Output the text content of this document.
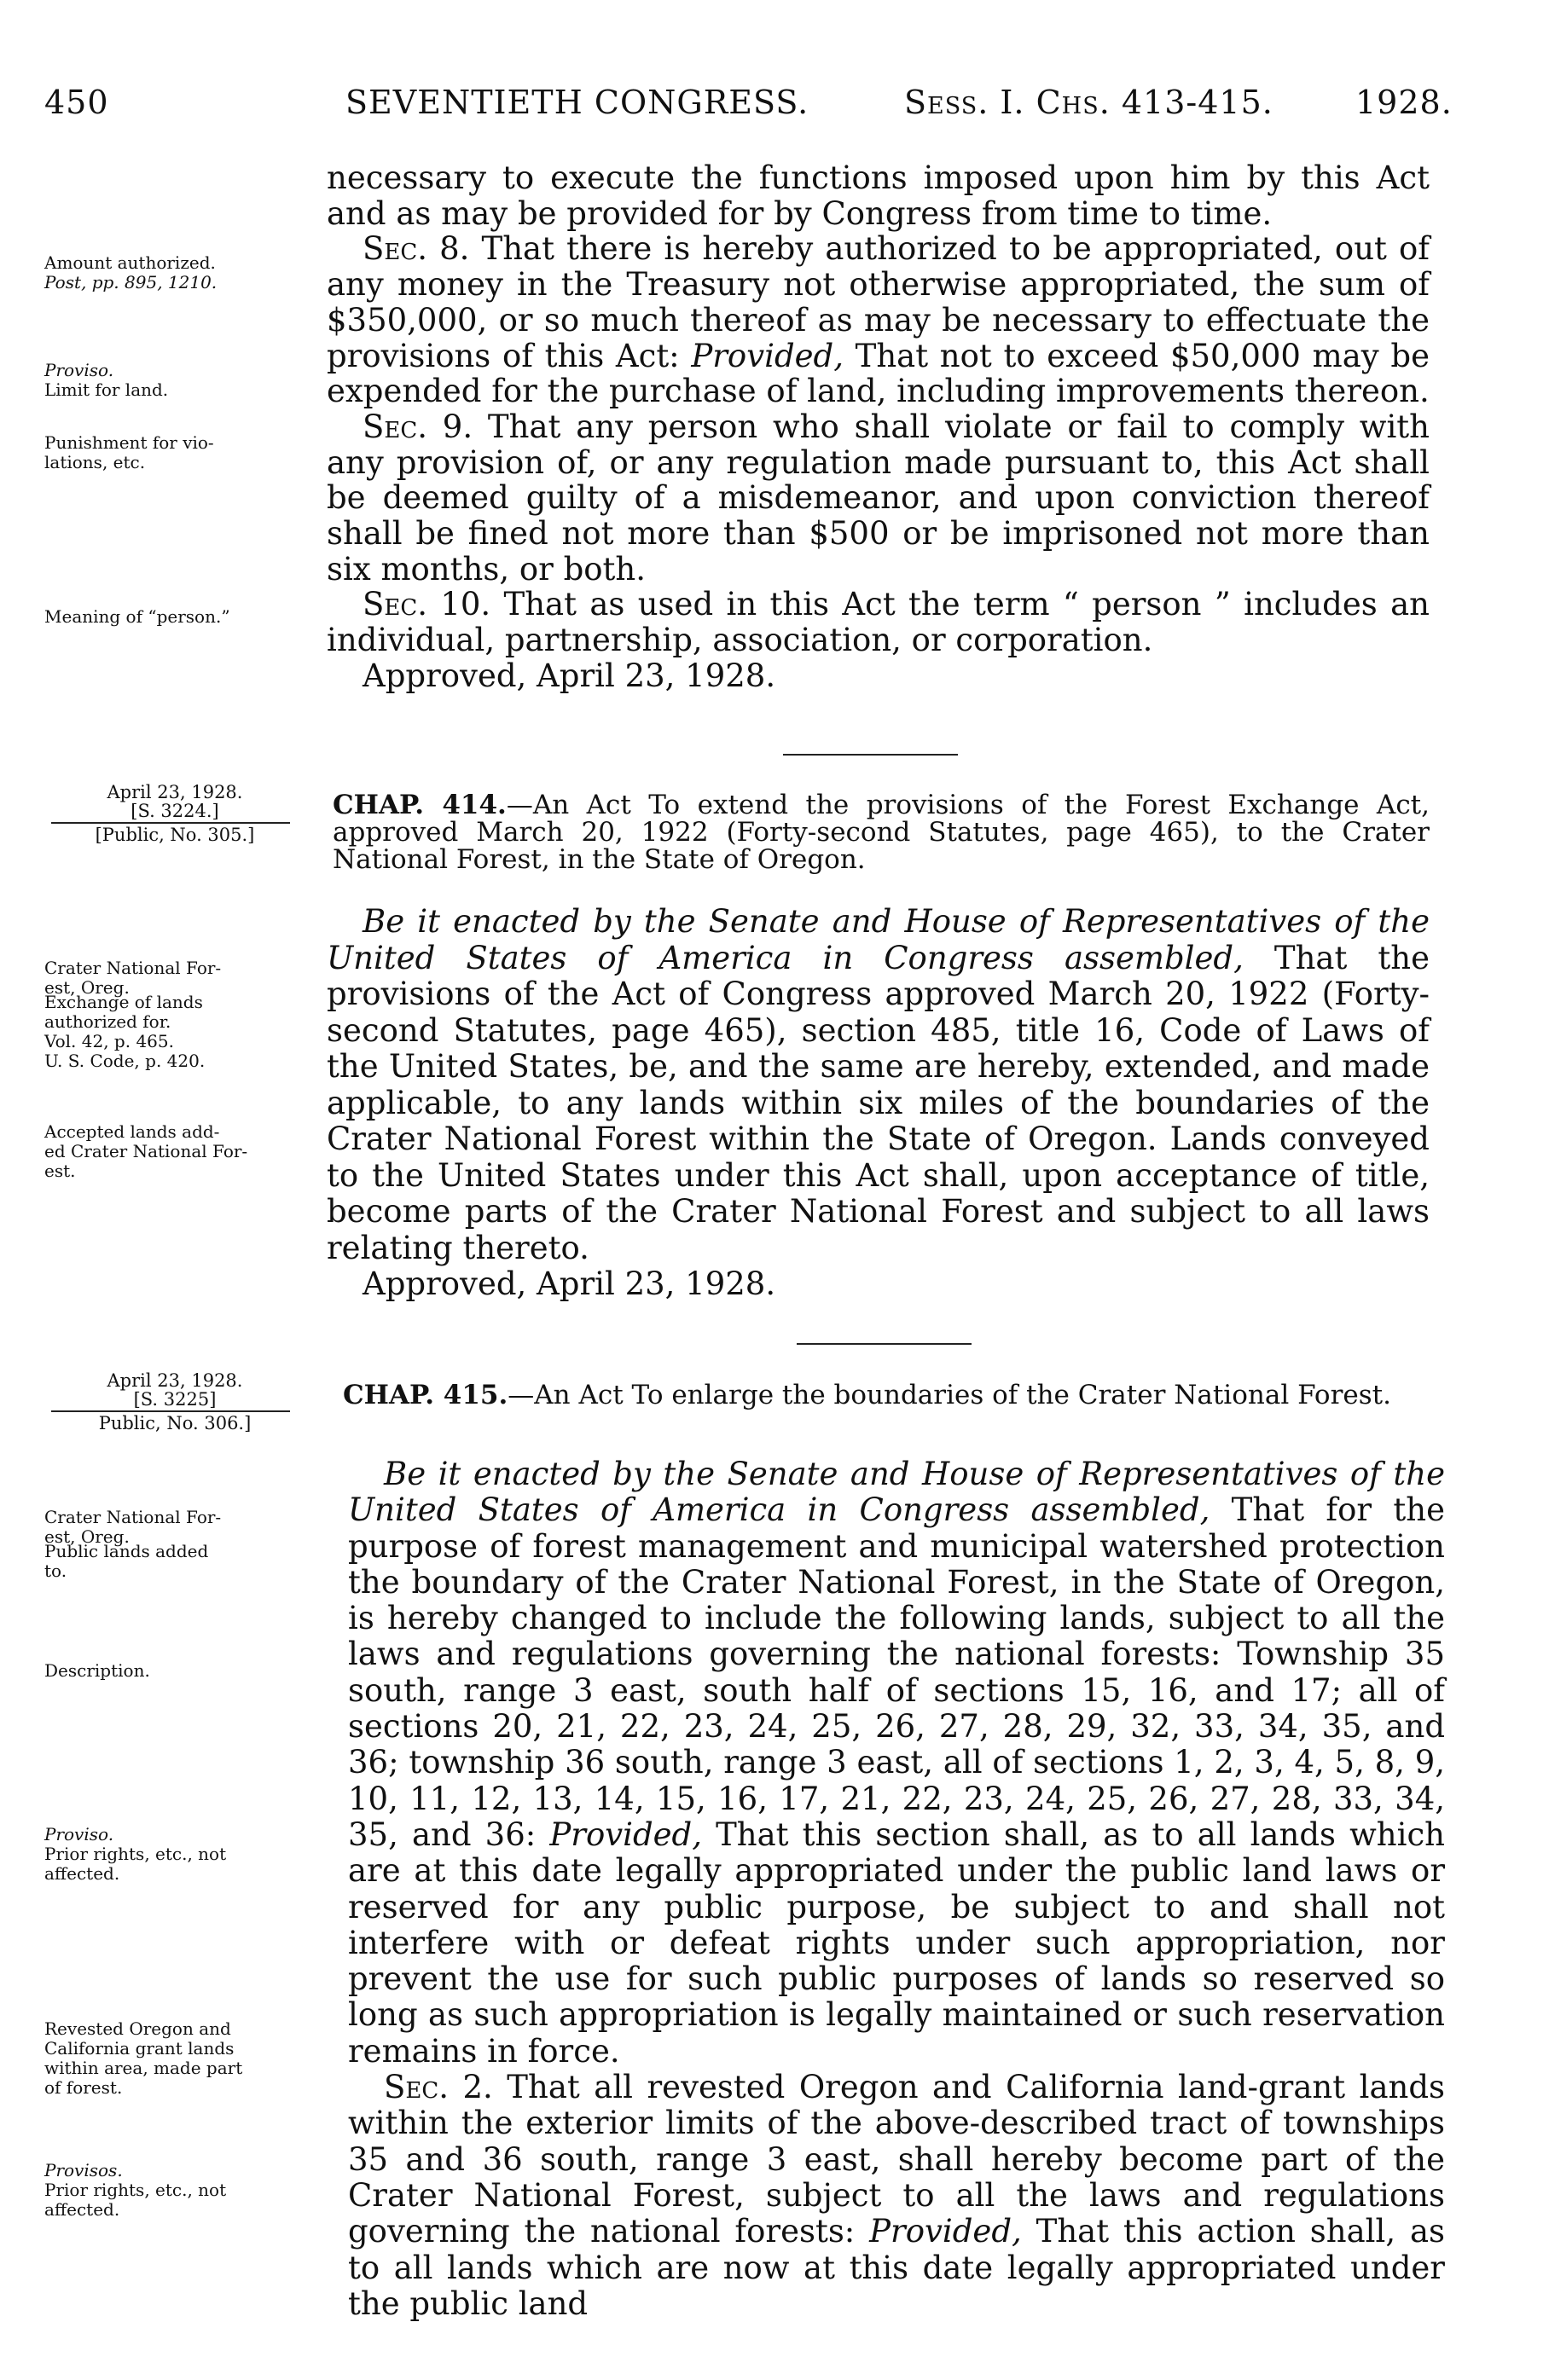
450	SEVENTIETH CONGRESS.	Sess. I. Chs. 413-415.	1928.

necessary to execute the functions imposed upon him by this Act and as may be provided for by Congress from time to time.

Sec. 8. That there is hereby authorized to be appropriated, out of any money in the Treasury not otherwise appropriated, the sum of $350,000, or so much thereof as may be necessary to effectuate the provisions of this Act: Provided, That not to exceed $50,000 may be expended for the purchase of land, including improvements thereon.

Sec. 9. That any person who shall violate or fail to comply with any provision of, or any regulation made pursuant to, this Act shall be deemed guilty of a misdemeanor, and upon conviction thereof shall be fined not more than $500 or be imprisoned not more than six months, or both.

Sec. 10. That as used in this Act the term “ person ” includes an individual, partnership, association, or corporation.

Approved, April 23, 1928.

Amount authorized.
Post, pp. 895, 1210.
Proviso.
Limit for land.
Punishment for vio-
lations, etc.
Meaning of “person.”
April 23, 1928.
[S. 3224.]
[Public, No. 305.]
CHAP. 414.—An Act To extend the provisions of the Forest Exchange Act, approved March 20, 1922 (Forty-second Statutes, page 465), to the Crater National Forest, in the State of Oregon.

Be it enacted by the Senate and House of Representatives of the United States of America in Congress assembled, That the provisions of the Act of Congress approved March 20, 1922 (Forty-second Statutes, page 465), section 485, title 16, Code of Laws of the United States, be, and the same are hereby, extended, and made applicable, to any lands within six miles of the boundaries of the Crater National Forest within the State of Oregon. Lands conveyed to the United States under this Act shall, upon acceptance of title, become parts of the Crater National Forest and subject to all laws relating thereto.

Approved, April 23, 1928.

Crater National For-
est, Oreg.
Exchange of lands
authorized for.
Vol. 42, p. 465.
U. S. Code, p. 420.
Accepted lands add-
ed Crater National For-
est.
April 23, 1928.
[S. 3225]
Public, No. 306.]
CHAP. 415.—An Act To enlarge the boundaries of the Crater National Forest.

Be it enacted by the Senate and House of Representatives of the United States of America in Congress assembled, That for the purpose of forest management and municipal watershed protection the boundary of the Crater National Forest, in the State of Oregon, is hereby changed to include the following lands, subject to all the laws and regulations governing the national forests: Township 35 south, range 3 east, south half of sections 15, 16, and 17; all of sections 20, 21, 22, 23, 24, 25, 26, 27, 28, 29, 32, 33, 34, 35, and 36; township 36 south, range 3 east, all of sections 1, 2, 3, 4, 5, 8, 9, 10, 11, 12, 13, 14, 15, 16, 17, 21, 22, 23, 24, 25, 26, 27, 28, 33, 34, 35, and 36: Provided, That this section shall, as to all lands which are at this date legally appropriated under the public land laws or reserved for any public purpose, be subject to and shall not interfere with or defeat rights under such appropriation, nor prevent the use for such public purposes of lands so reserved so long as such appropriation is legally maintained or such reservation remains in force.

Sec. 2. That all revested Oregon and California land-grant lands within the exterior limits of the above-described tract of townships 35 and 36 south, range 3 east, shall hereby become part of the Crater National Forest, subject to all the laws and regulations governing the national forests: Provided, That this action shall, as to all lands which are now at this date legally appropriated under the public land

Crater National For-
est, Oreg.
Public lands added
to.
Description.
Proviso.
Prior rights, etc., not
affected.
Revested Oregon and
California grant lands
within area, made part
of forest.
Provisos.
Prior rights, etc., not
affected.
